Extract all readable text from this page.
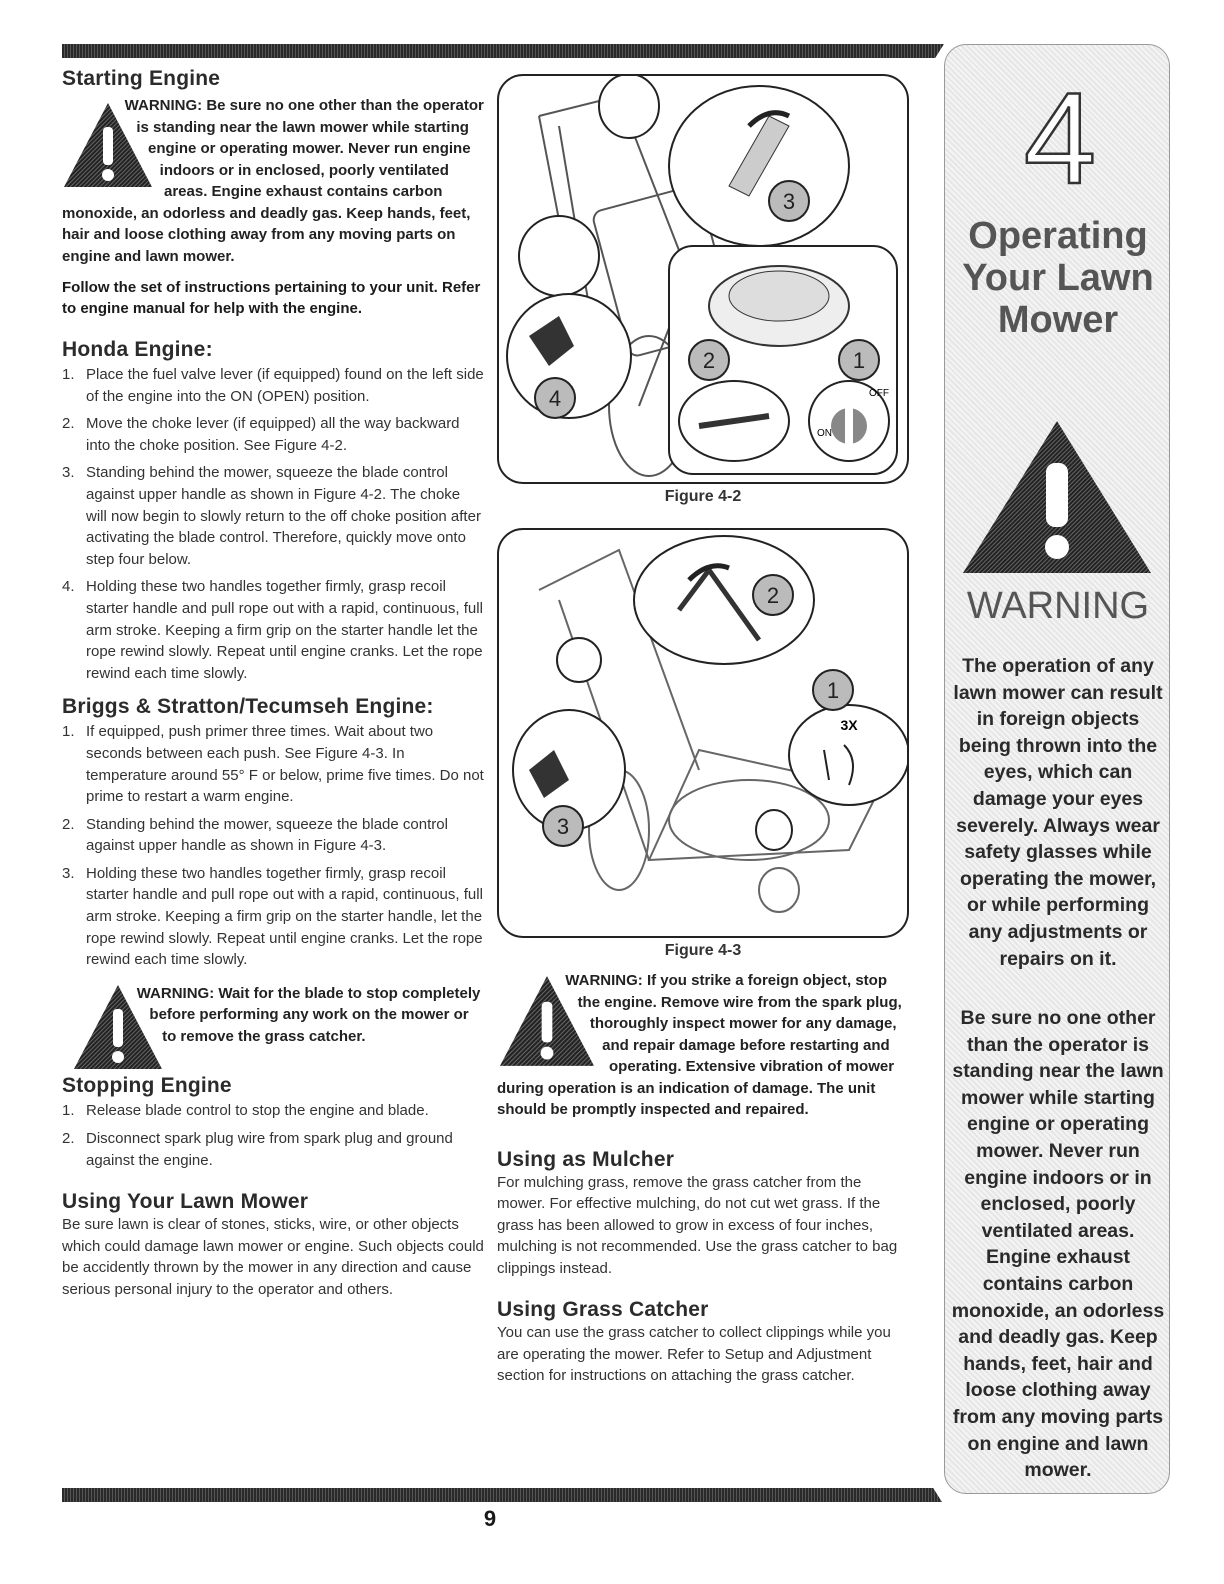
9
Starting Engine
WARNING: Be sure no one other than the operator is standing near the lawn mower while starting engine or operating mower. Never run engine indoors or in enclosed, poorly ventilated areas. Engine exhaust contains carbon monoxide, an odorless and deadly gas. Keep hands, feet, hair and loose clothing away from any moving parts on engine and lawn mower.

Follow the set of instructions pertaining to your unit. Refer to engine manual for help with the engine.

Honda Engine:
1. Place the fuel valve lever (if equipped) found on the left side of the engine into the ON (OPEN) position.
2. Move the choke lever (if equipped) all the way backward into the choke position. See Figure 4-2.
3. Standing behind the mower, squeeze the blade control against upper handle as shown in Figure 4-2. The choke will now begin to slowly return to the off choke position after activating the blade control. Therefore, quickly move onto step four below.
4. Holding these two handles together firmly, grasp recoil starter handle and pull rope out with a rapid, continuous, full arm stroke. Keeping a firm grip on the starter handle let the rope rewind slowly. Repeat until engine cranks. Let the rope rewind each time slowly.
Briggs & Stratton/Tecumseh Engine:
1. If equipped, push primer three times. Wait about two seconds between each push. See Figure 4-3. In temperature around 55° F or below, prime five times. Do not prime to restart a warm engine.
2. Standing behind the mower, squeeze the blade control against upper handle as shown in Figure 4-3.
3. Holding these two handles together firmly, grasp recoil starter handle and pull rope out with a rapid, continuous, full arm stroke. Keeping a firm grip on the starter handle, let the rope rewind slowly. Repeat until engine cranks. Let the rope rewind each time slowly.
WARNING: Wait for the blade to stop completely before performing any work on the mower or to remove the grass catcher.
Stopping Engine
1. Release blade control to stop the engine and blade.
2. Disconnect spark plug wire from spark plug and ground against the engine.
Using Your Lawn Mower

Be sure lawn is clear of stones, sticks, wire, or other objects which could damage lawn mower or engine. Such objects could be accidently thrown by the mower in any direction and cause serious personal injury to the operator and others.

OFF
ON
3
2	1
4
Figure 4-2
3X
2
1
3
Figure 4-3
WARNING: If you strike a foreign object, stop the engine. Remove wire from the spark plug, thoroughly inspect mower for any damage, and repair damage before restarting and operating. Extensive vibration of mower during operation is an indication of damage. The unit should be promptly inspected and repaired.
Using as Mulcher

For mulching grass, remove the grass catcher from the mower. For effective mulching, do not cut wet grass. If the grass has been allowed to grow in excess of four inches, mulching is not recommended. Use the grass catcher to bag clippings instead.

Using Grass Catcher

You can use the grass catcher to collect clippings while you are operating the mower. Refer to Setup and Adjustment section for instructions on attaching the grass catcher.

4
Operating
Your Lawn
Mower
WARNING
The operation of any lawn mower can result in foreign objects being thrown into the eyes, which can damage your eyes severely. Always wear safety glasses while operating the mower, or while performing any adjustments or repairs on it.
Be sure no one other than the operator is standing near the lawn mower while starting engine or operating mower. Never run engine indoors or in enclosed, poorly ventilated areas. Engine exhaust contains carbon monoxide, an odorless and deadly gas. Keep hands, feet, hair and loose clothing away from any moving parts on engine and lawn mower.
